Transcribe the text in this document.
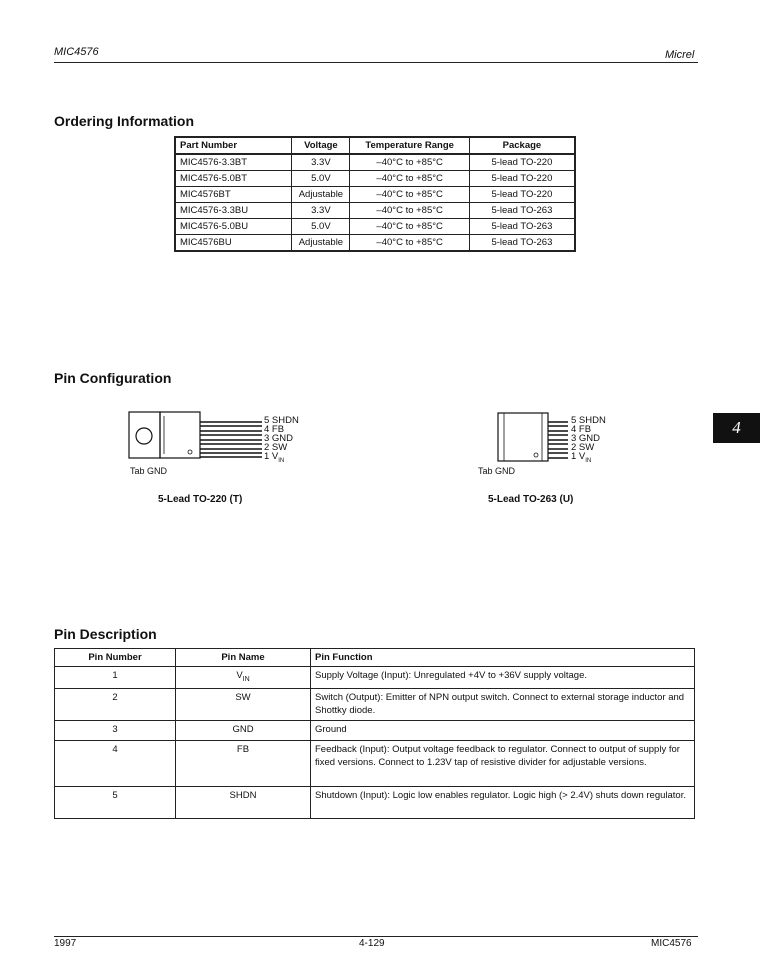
MIC4576	Micrel
Ordering Information
Part Number	Voltage	Temperature Range	Package
MIC4576-3.3BT	3.3V	–40°C to +85°C	5-lead TO-220
MIC4576-5.0BT	5.0V	–40°C to +85°C	5-lead TO-220
MIC4576BT	Adjustable	–40°C to +85°C	5-lead TO-220
MIC4576-3.3BU	3.3V	–40°C to +85°C	5-lead TO-263
MIC4576-5.0BU	5.0V	–40°C to +85°C	5-lead TO-263
MIC4576BU	Adjustable	–40°C to +85°C	5-lead TO-263
Pin Configuration
5 SHDN
4 FB
3 GND
2 SW
1 $V_{IN}$
Tab GND
5-Lead TO-220 (T)
5 SHDN
4 FB
3 GND
2 SW
1 $V_{IN}$
Tab GND
5-Lead TO-263 (U)
4
Pin Description
Pin Number	Pin Name	Pin Function
1	$V_{IN}$	Supply Voltage (Input): Unregulated +4V to +36V supply voltage.
2	SW	Switch (Output): Emitter of NPN output switch. Connect to external storage inductor and Shottky diode.
3	GND	Ground
4	FB	Feedback (Input): Output voltage feedback to regulator. Connect to output of supply for fixed versions. Connect to 1.23V tap of resistive divider for adjustable versions.
5	SHDN	Shutdown (Input): Logic low enables regulator. Logic high (> 2.4V) shuts down regulator.
1997	4-129	MIC4576
